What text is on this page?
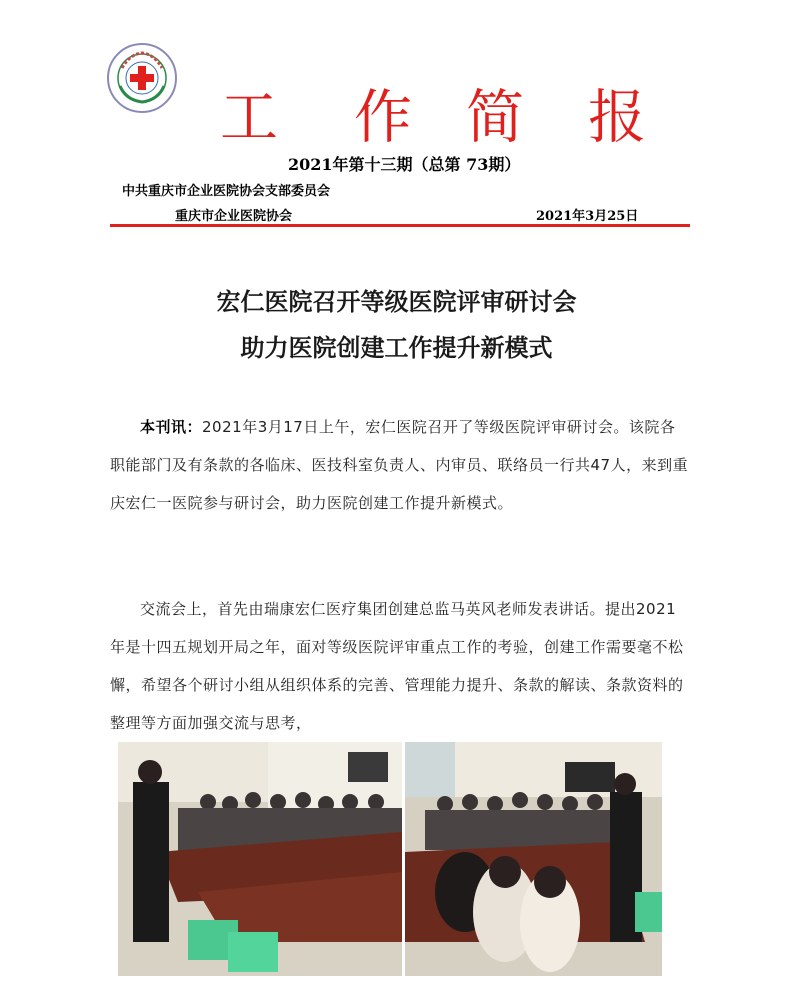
工 作 简 报
2021年第十三期（总第 73期）
中共重庆市企业医院协会支部委员会
重庆市企业医院协会	2021年3月25日
宏仁医院召开等级医院评审研讨会
助力医院创建工作提升新模式
本刊讯：2021年3月17日上午，宏仁医院召开了等级医院评审研讨会。该院各职能部门及有条款的各临床、医技科室负责人、内审员、联络员一行共47人，来到重庆宏仁一医院参与研讨会，助力医院创建工作提升新模式。
交流会上，首先由瑞康宏仁医疗集团创建总监马英风老师发表讲话。提出2021年是十四五规划开局之年，面对等级医院评审重点工作的考验，创建工作需要毫不松懈，希望各个研讨小组从组织体系的完善、管理能力提升、条款的解读、条款资料的整理等方面加强交流与思考，
